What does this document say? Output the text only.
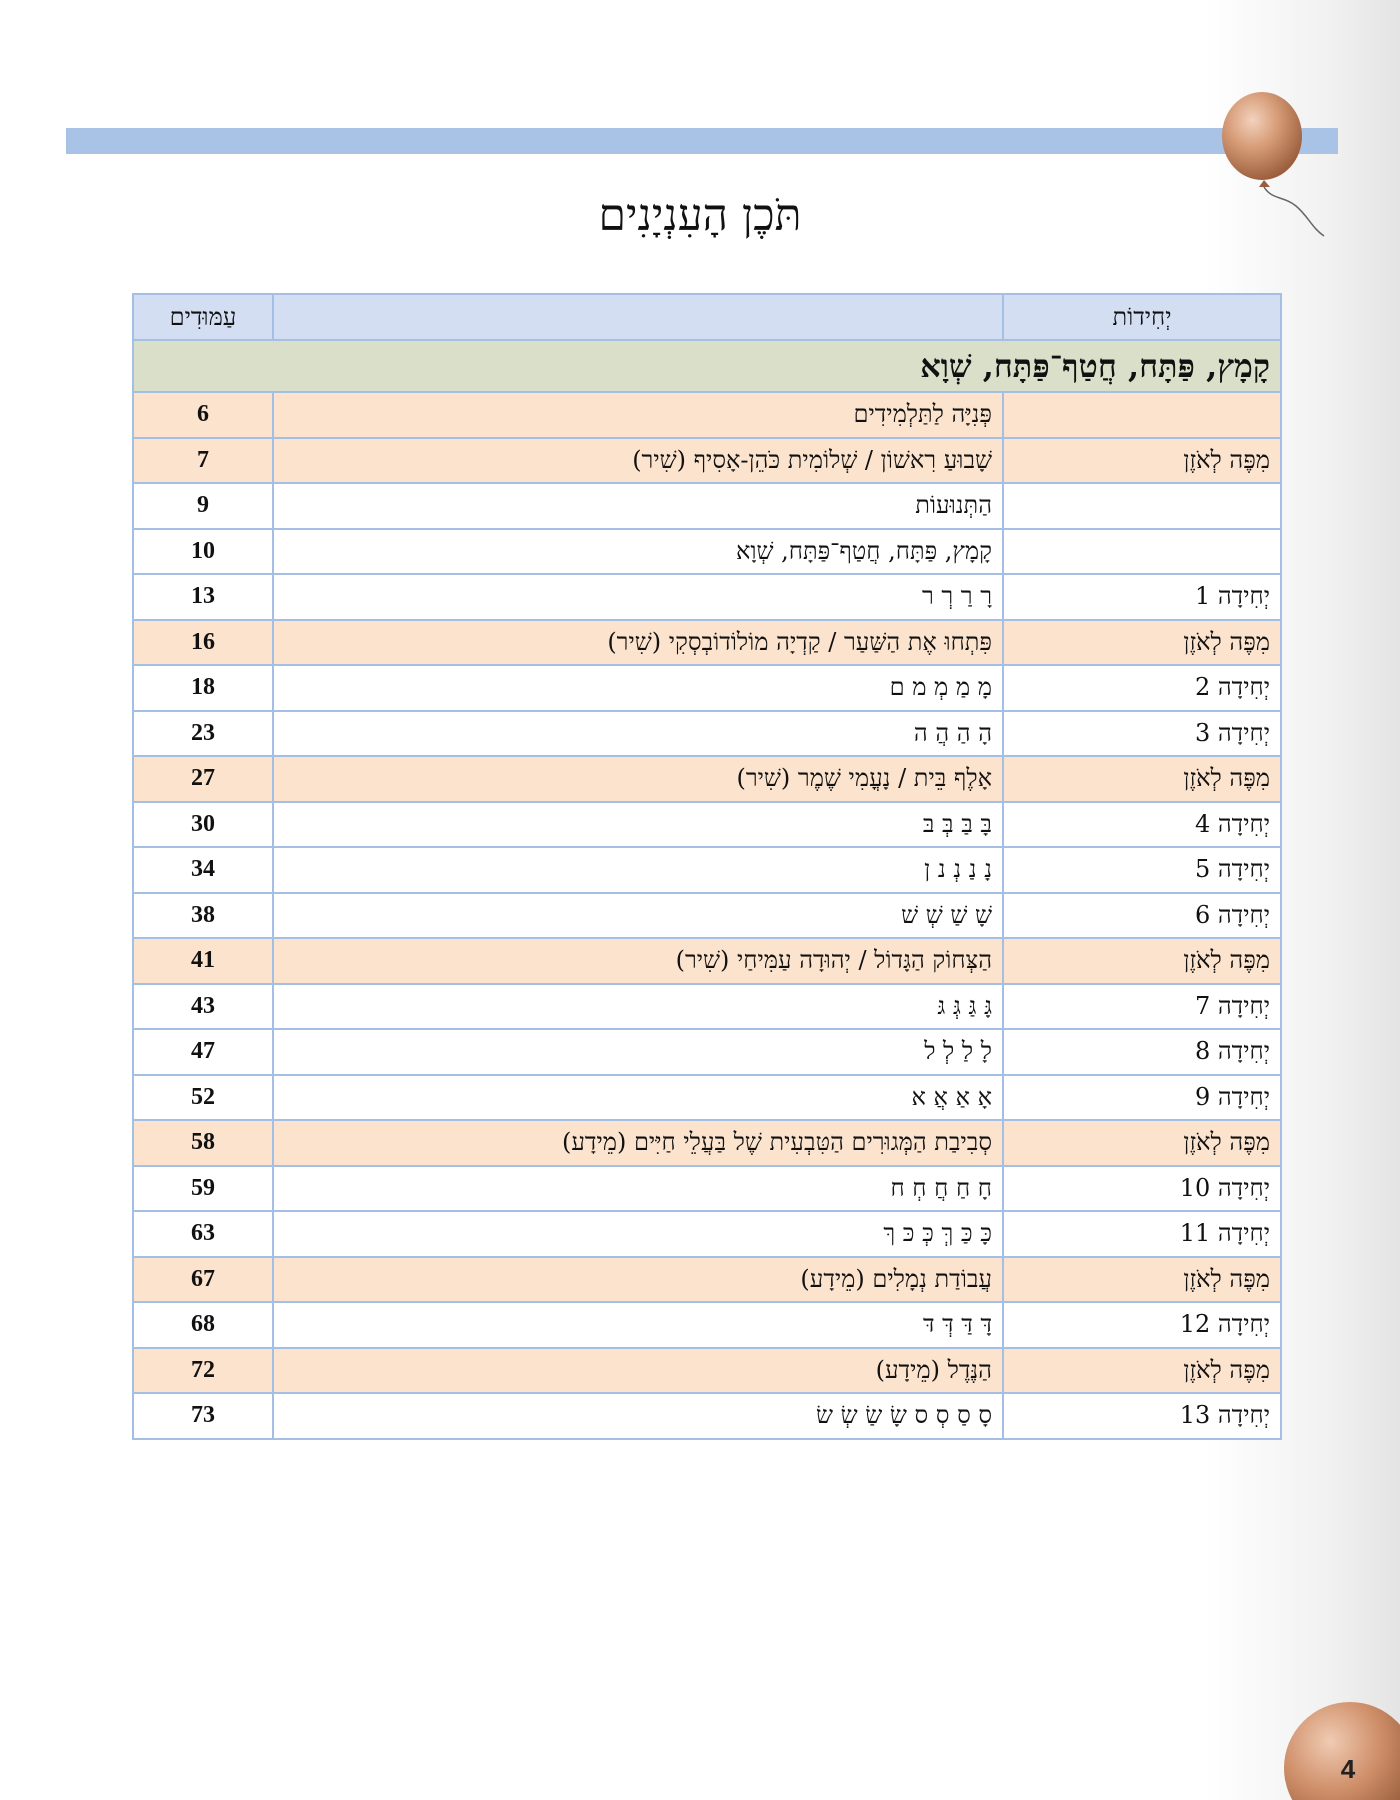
תֹּכֶן הָעִנְיָנִים
יְחִידוֹת		עַמּוּדִים
קָמָץ, פַּתָּח, חֲטַף־פַּתָּח, שְׁוָא		
	פְּנִיָּה לַתַּלְמִידִים	6
מִפֶּה לְאֹזֶן	שָׁבוּעַ רִאשׁוֹן / שְׁלוֹמִית כֹּהֵן-אָסִיף (שִׁיר)	7
	הַתְּנוּעוֹת	9
	קָמָץ, פַּתָּח, חֲטַף־פַּתָּח, שְׁוָא	10
יְחִידָה 1	רָ רַ רְ ר	13
מִפֶּה לְאֹזֶן	פִּתְחוּ אֶת הַשַּׁעַר / קַדְיָה מוֹלוֹדוֹבְסְקִי (שִׁיר)	16
יְחִידָה 2	מָ מַ מְ מ ם	18
יְחִידָה 3	הָ הַ הֲ ה	23
מִפֶּה לְאֹזֶן	אָלֶף בֵּית / נָעֳמִי שֶׁמֶר (שִׁיר)	27
יְחִידָה 4	בָּ בַּ בְּ בּ	30
יְחִידָה 5	נָ נַ נְ נ ן	34
יְחִידָה 6	שָׁ שַׁ שְׁ שׁ	38
מִפֶּה לְאֹזֶן	הַצְּחוֹק הַגָּדוֹל / יְהוּדָה עַמִּיחַי (שִׁיר)	41
יְחִידָה 7	גָּ גַּ גְּ גּ	43
יְחִידָה 8	לָ לַ לְ ל	47
יְחִידָה 9	אָ אַ אֲ א	52
מִפֶּה לְאֹזֶן	סְבִיבַת הַמְּגוּרִים הַטִּבְעִית שֶׁל בַּעֲלֵי חַיִּים (מֵידָע)	58
יְחִידָה 10	חָ חַ חֲ חְ ח	59
יְחִידָה 11	כָּ כַּ ךְּ כְּ כּ ךּ	63
מִפֶּה לְאֹזֶן	עֲבוֹדַת נְמָלִים (מֵידָע)	67
יְחִידָה 12	דָּ דַּ דְּ דּ	68
מִפֶּה לְאֹזֶן	הַנֶּדֶל (מֵידָע)	72
יְחִידָה 13	סָ סַ סְ ס שָׂ שַׂ שְׂ שׂ	73
4
